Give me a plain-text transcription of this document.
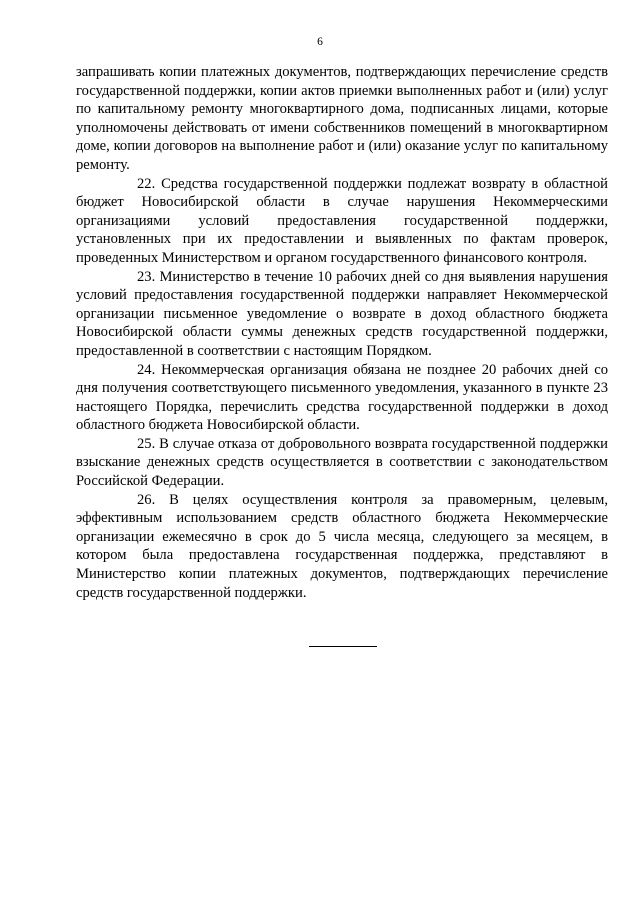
6

запрашивать копии платежных документов, подтверждающих перечисление средств государственной поддержки, копии актов приемки выполненных работ и (или) услуг по капитальному ремонту многоквартирного дома, подписанных лицами, которые уполномочены действовать от имени собственников помещений в многоквартирном доме, копии договоров на выполнение работ и (или) оказание услуг по капитальному ремонту.

22. Средства государственной поддержки подлежат возврату в областной бюджет Новосибирской области в случае нарушения Некоммерческими организациями условий предоставления государственной поддержки, установленных при их предоставлении и выявленных по фактам проверок, проведенных Министерством и органом государственного финансового контроля.

23. Министерство в течение 10 рабочих дней со дня выявления нарушения условий предоставления государственной поддержки направляет Некоммерческой организации письменное уведомление о возврате в доход областного бюджета Новосибирской области суммы денежных средств государственной поддержки, предоставленной в соответствии с настоящим Порядком.

24. Некоммерческая организация обязана не позднее 20 рабочих дней со дня получения соответствующего письменного уведомления, указанного в пункте 23 настоящего Порядка, перечислить средства государственной поддержки в доход областного бюджета Новосибирской области.

25. В случае отказа от добровольного возврата государственной поддержки взыскание денежных средств осуществляется в соответствии с законодательством Российской Федерации.

26. В целях осуществления контроля за правомерным, целевым, эффективным использованием средств областного бюджета Некоммерческие организации ежемесячно в срок до 5 числа месяца, следующего за месяцем, в котором была предоставлена государственная поддержка, представляют в Министерство копии платежных документов, подтверждающих перечисление средств государственной поддержки.
